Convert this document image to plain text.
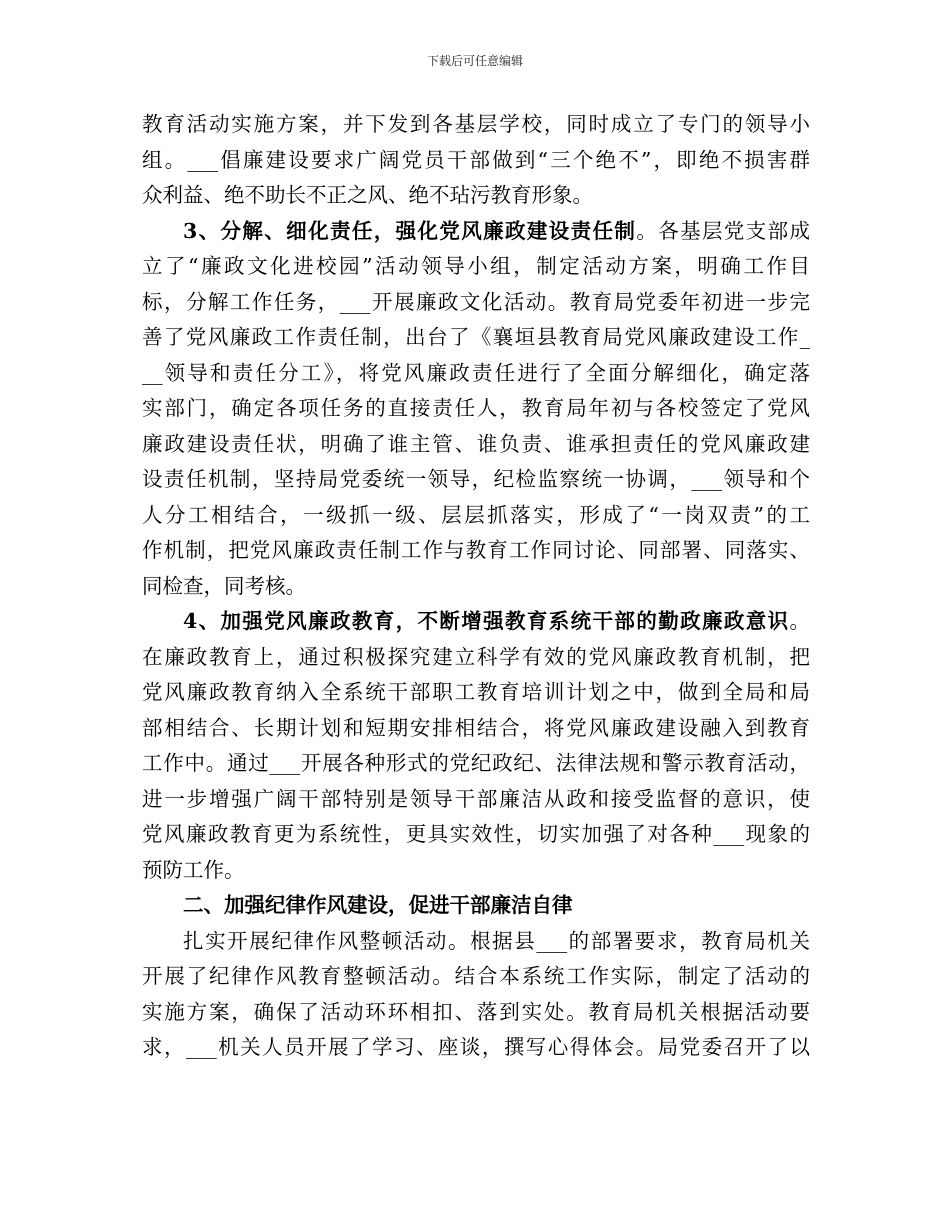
下载后可任意编辑
教育活动实施方案，并下发到各基层学校，同时成立了专门的领导小
组。___倡廉建设要求广阔党员干部做到“三个绝不”，即绝不损害群
众利益、绝不助长不正之风、绝不玷污教育形象。
3、分解、细化责任，强化党风廉政建设责任制。各基层党支部成
立了“廉政文化进校园”活动领导小组，制定活动方案，明确工作目
标，分解工作任务，___开展廉政文化活动。教育局党委年初进一步完
善了党风廉政工作责任制，出台了《襄垣县教育局党风廉政建设工作_
__领导和责任分工》，将党风廉政责任进行了全面分解细化，确定落
实部门，确定各项任务的直接责任人，教育局年初与各校签定了党风
廉政建设责任状，明确了谁主管、谁负责、谁承担责任的党风廉政建
设责任机制，坚持局党委统一领导，纪检监察统一协调，___领导和个
人分工相结合，一级抓一级、层层抓落实，形成了“一岗双责”的工
作机制，把党风廉政责任制工作与教育工作同讨论、同部署、同落实、
同检查，同考核。
4、加强党风廉政教育，不断增强教育系统干部的勤政廉政意识。
在廉政教育上，通过积极探究建立科学有效的党风廉政教育机制，把
党风廉政教育纳入全系统干部职工教育培训计划之中，做到全局和局
部相结合、长期计划和短期安排相结合，将党风廉政建设融入到教育
工作中。通过___开展各种形式的党纪政纪、法律法规和警示教育活动，
进一步增强广阔干部特别是领导干部廉洁从政和接受监督的意识，使
党风廉政教育更为系统性，更具实效性，切实加强了对各种___现象的
预防工作。
二、加强纪律作风建设，促进干部廉洁自律
扎实开展纪律作风整顿活动。根据县___的部署要求，教育局机关
开展了纪律作风教育整顿活动。结合本系统工作实际，制定了活动的
实施方案，确保了活动环环相扣、落到实处。教育局机关根据活动要
求，___机关人员开展了学习、座谈，撰写心得体会。局党委召开了以
